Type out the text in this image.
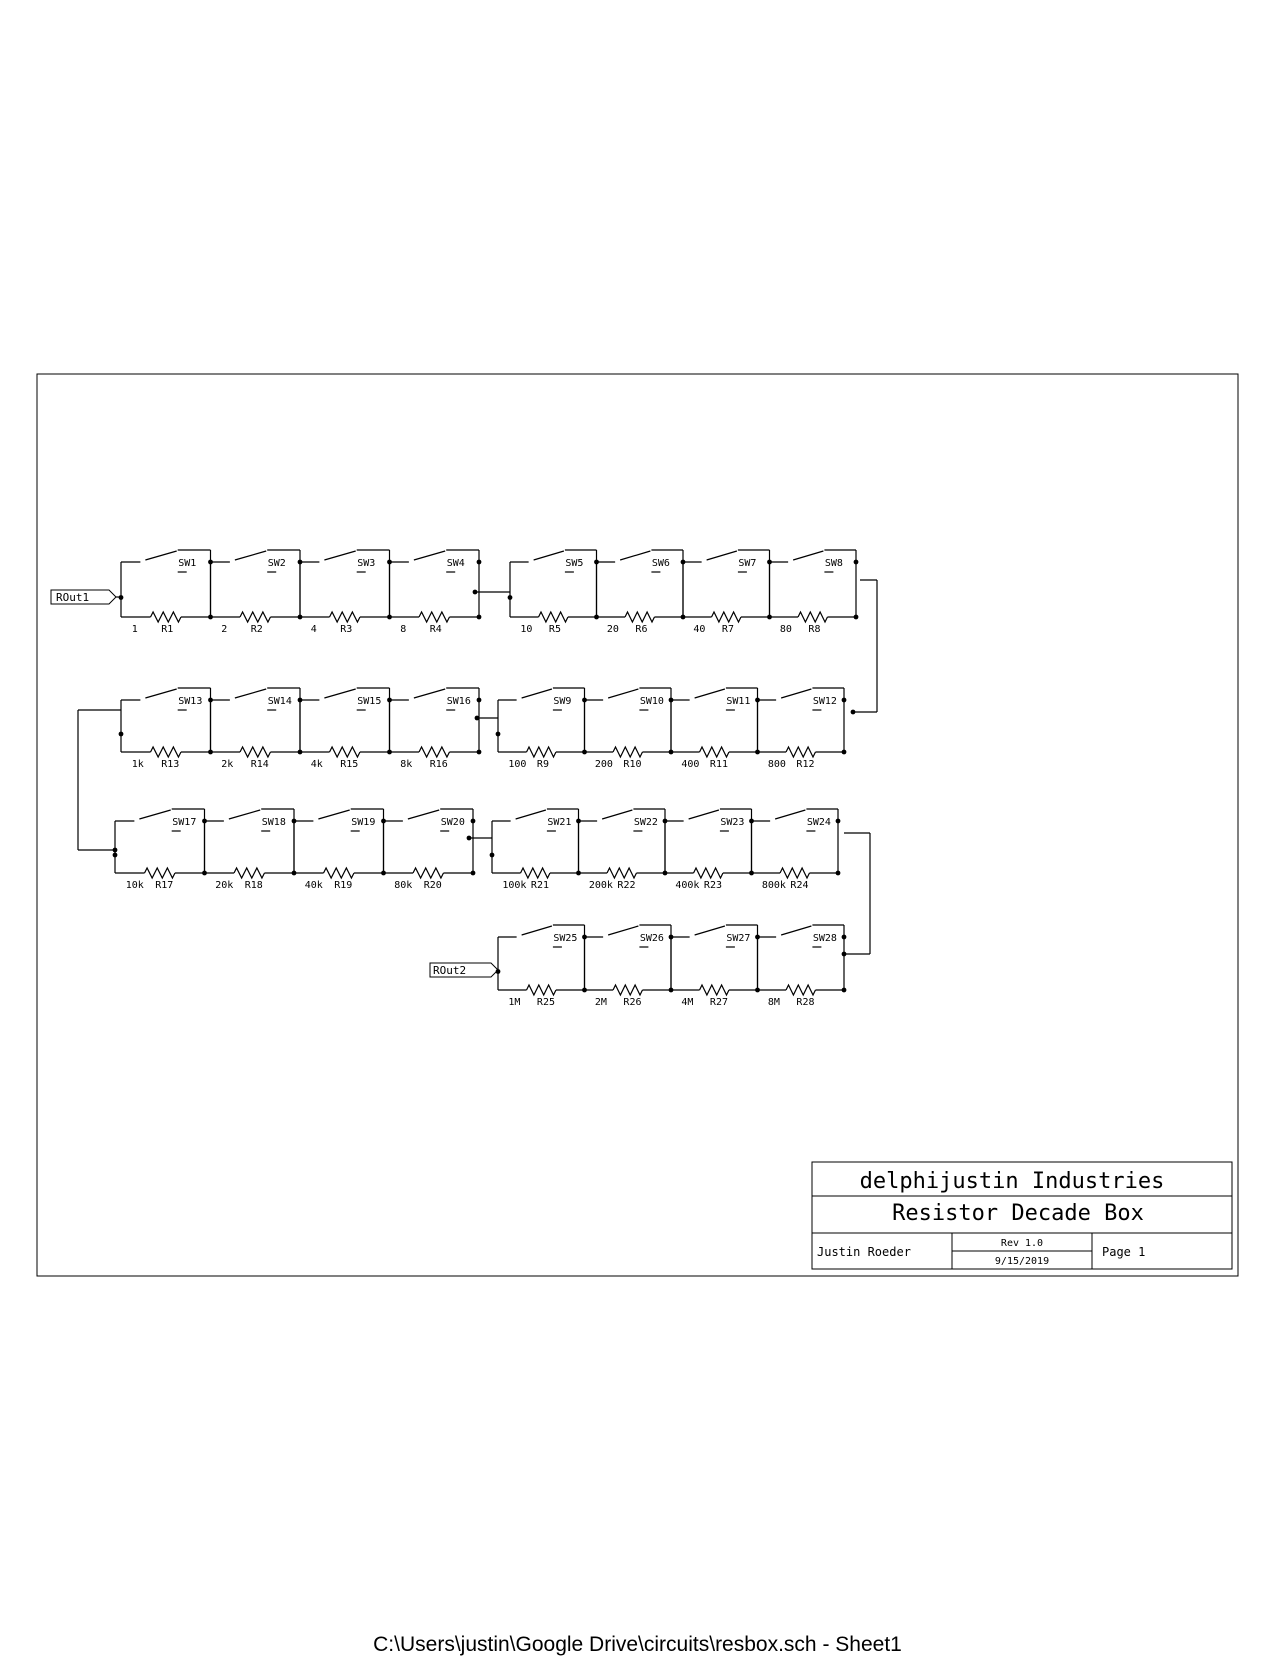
SW1
R1
1
SW2
R2
2
SW3
R3
4
SW4
R4
8
SW5
R5
10
SW6
R6
20
SW7
R7
40
SW8
R8
80
SW13
R13
1k
SW14
R14
2k
SW15
R15
4k
SW16
R16
8k
SW9
R9
100
SW10
R10
200
SW11
R11
400
SW12
R12
800
SW17
R17
10k
SW18
R18
20k
SW19
R19
40k
SW20
R20
80k
SW21
R21
100k
SW22
R22
200k
SW23
R23
400k
SW24
R24
800k
SW25
R25
1M
SW26
R26
2M
SW27
R27
4M
SW28
R28
8M
ROut1
ROut2
delphijustin Industries
Resistor Decade Box
Justin Roeder
Rev 1.0
9/15/2019
Page 1
C:\Users\justin\Google Drive\circuits\resbox.sch - Sheet1
